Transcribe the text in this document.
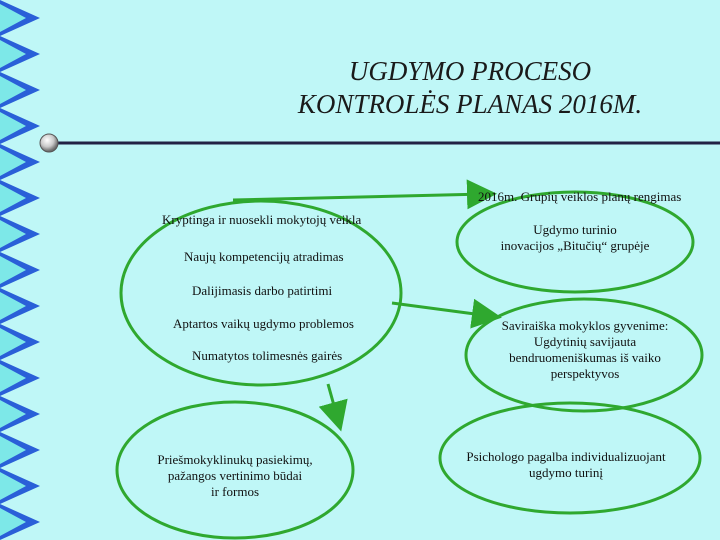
UGDYMO PROCESO
KONTROLĖS PLANAS 2016M.
2016m. Grupių veiklos planų rengimas
Kryptinga ir nuosekli mokytojų veikla
Naujų kompetencijų atradimas
Dalijimasis darbo patirtimi
Aptartos vaikų ugdymo problemos
Numatytos tolimesnės gairės
Ugdymo turinio
inovacijos „Bitučių“ grupėje
Saviraiška mokyklos gyvenime:
Ugdytinių savijauta
bendruomeniškumas iš vaiko
perspektyvos
Priešmokyklinukų pasiekimų,
pažangos vertinimo būdai
ir formos
Psichologo pagalba individualizuojant
ugdymo turinį
